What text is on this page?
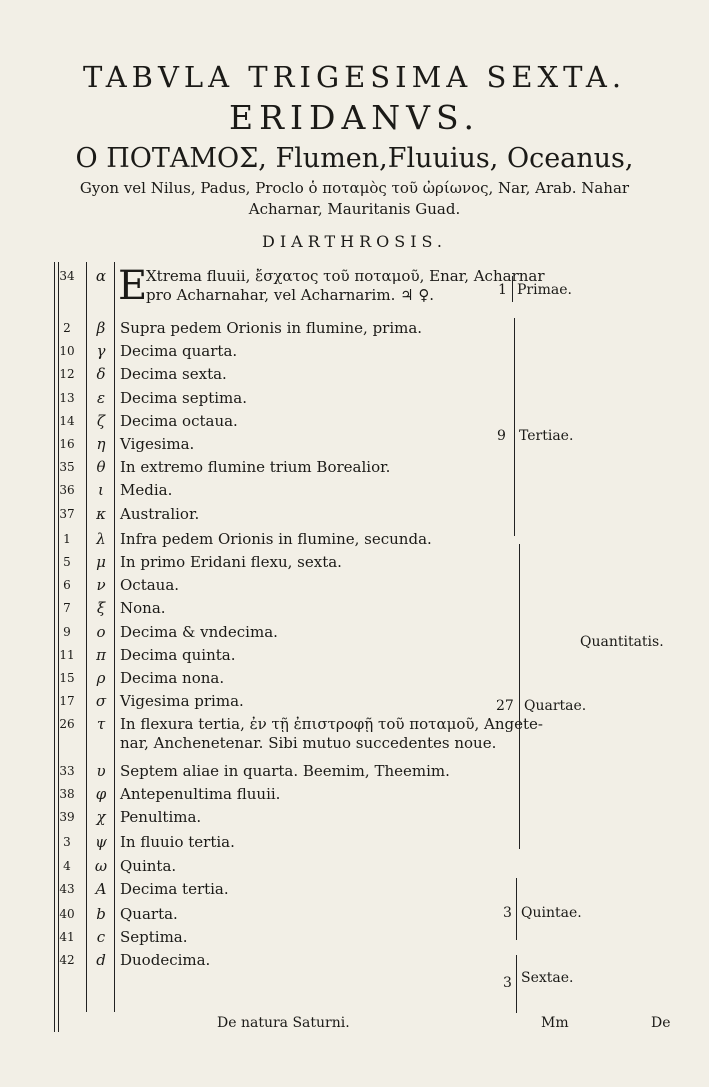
TABVLA TRIGESIMA SEXTA.
ERIDANVS.
Ο ΠΟΤΑΜΟΣ, Flumen,Fluuius, Oceanus,
Gyon vel Nilus, Padus, Proclo ὁ ποταμὸς τοῦ ὠρίωνος, Nar, Arab. Nahar
Acharnar, Mauritanis Guad.
DIARTHROSIS.
34	α	Xtrema fluuii, ἔσχατος τοῦ ποταμοῦ, Enar, Acharnar
pro Acharnahar, vel Acharnarim. ♃ ♀.
E
2	β Supra pedem Orionis in flumine, prima.
10	γ Decima quarta.
12	δ Decima sexta.
13	ε Decima septima.
14	ζ Decima octaua.
16	η Vigesima.
35	θ In extremo flumine trium Borealior.
36	ι	Media.
37	κ Australior.
1	λ Infra pedem Orionis in flumine, secunda.
5	μ In primo Eridani flexu, sexta.
6	ν Octaua.
7	ξ Nona.
9	ο Decima & vndecima.
11	π Decima quinta.
15	ρ Decima nona.
17	σ Vigesima prima.
26	τ In flexura tertia, ἐν τῇ ἐπιστροφῇ τοῦ ποταμοῦ, Angete-
nar, Anchenetenar. Sibi mutuo succedentes noue.
33	υ Septem aliae in quarta. Beemim, Theemim.
38	φ Antepenultima fluuii.
39	χ Penultima.
3	ψ In fluuio tertia.
4	ω Quinta.
43	A Decima tertia.
40	b Quarta.
41	c Septima.
42	d Duodecima.
1 Primae.
9 Tertiae.
27 Quartae.
Quantitatis.
3 Quintae.
3 Sextae.
De natura Saturni.	Mm	De
